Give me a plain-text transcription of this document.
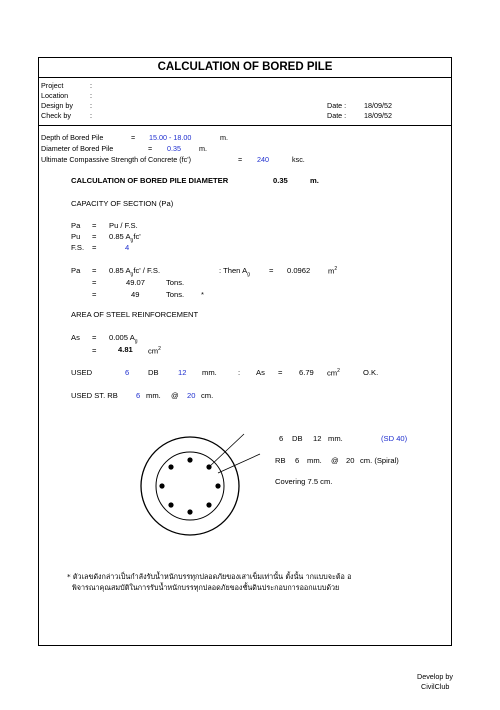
CALCULATION OF BORED PILE
Project	:
Location	:
Design by :
Check by	:
Date : 18/09/52
Date : 18/09/52
Depth of Bored Pile	= 15.00 - 18.00	m.
Diameter of Bored Pile	= 0.35	m.
Ultimate Compassive Strength of Concrete (fc')	= 240	ksc.
CALCULATION OF BORED PILE DIAMETER	0.35	m.
CAPACITY OF SECTION (Pa)
Pa = Pu / F.S.
Pu = 0.85 $A_gfc'$
F.S. =	4
Pa = 0.85 $A_gfc' / F.S$.	: Then $A_g$	= 0.0962 $m^2$
=	49.07	Tons.
=	49	Tons. *
AREA OF STEEL REINFORCEMENT
As = 0.005 $A_g$
=	4.81 $cm^2$
USED	6 DB	12 mm.	: As = 6.79 $cm^2$	O.K.
USED ST. RB 6 mm. @ 20 cm.
6 DB 12 mm.	(SD 40)
RB 6 mm. @ 20 cm. (Spiral)
Covering 7.5 cm.
* ตัวเลขดังกล่าวเป็นกำลังรับน้ำหนักบรรทุกปลอดภัยของเสาเข็มเท่านั้น ตั้งนั้น ากแบบจะต้อ อ
พิจารณาคุณสมบัติในการรับน้ำหนักบรรทุกปลอดภัยของชั้นดินประกอบการออกแบบด้วย
Develop by
CivilClub
